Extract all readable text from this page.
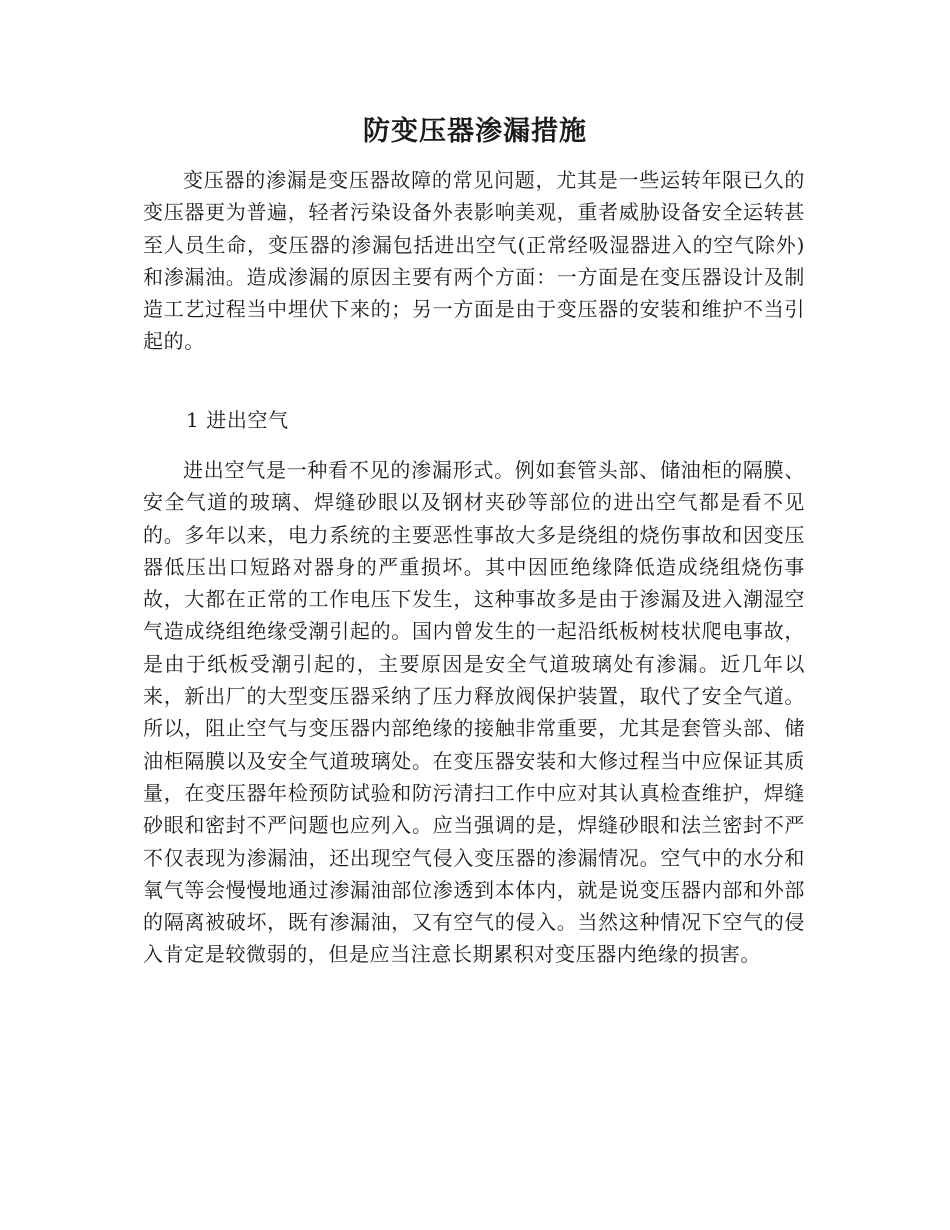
防变压器渗漏措施

变压器的渗漏是变压器故障的常见问题，尤其是一些运转年限已久的变压器更为普遍，轻者污染设备外表影响美观，重者威胁设备安全运转甚至人员生命，变压器的渗漏包括进出空气(正常经吸湿器进入的空气除外)和渗漏油。造成渗漏的原因主要有两个方面：一方面是在变压器设计及制造工艺过程当中埋伏下来的；另一方面是由于变压器的安装和维护不当引起的。

1 进出空气

进出空气是一种看不见的渗漏形式。例如套管头部、储油柜的隔膜、安全气道的玻璃、焊缝砂眼以及钢材夹砂等部位的进出空气都是看不见的。多年以来，电力系统的主要恶性事故大多是绕组的烧伤事故和因变压器低压出口短路对器身的严重损坏。其中因匝绝缘降低造成绕组烧伤事故，大都在正常的工作电压下发生，这种事故多是由于渗漏及进入潮湿空气造成绕组绝缘受潮引起的。国内曾发生的一起沿纸板树枝状爬电事故，是由于纸板受潮引起的，主要原因是安全气道玻璃处有渗漏。近几年以来，新出厂的大型变压器采纳了压力释放阀保护装置，取代了安全气道。所以，阻止空气与变压器内部绝缘的接触非常重要，尤其是套管头部、储油柜隔膜以及安全气道玻璃处。在变压器安装和大修过程当中应保证其质量，在变压器年检预防试验和防污清扫工作中应对其认真检查维护，焊缝砂眼和密封不严问题也应列入。应当强调的是，焊缝砂眼和法兰密封不严不仅表现为渗漏油，还出现空气侵入变压器的渗漏情况。空气中的水分和氧气等会慢慢地通过渗漏油部位渗透到本体内，就是说变压器内部和外部的隔离被破坏，既有渗漏油，又有空气的侵入。当然这种情况下空气的侵入肯定是较微弱的，但是应当注意长期累积对变压器内绝缘的损害。
